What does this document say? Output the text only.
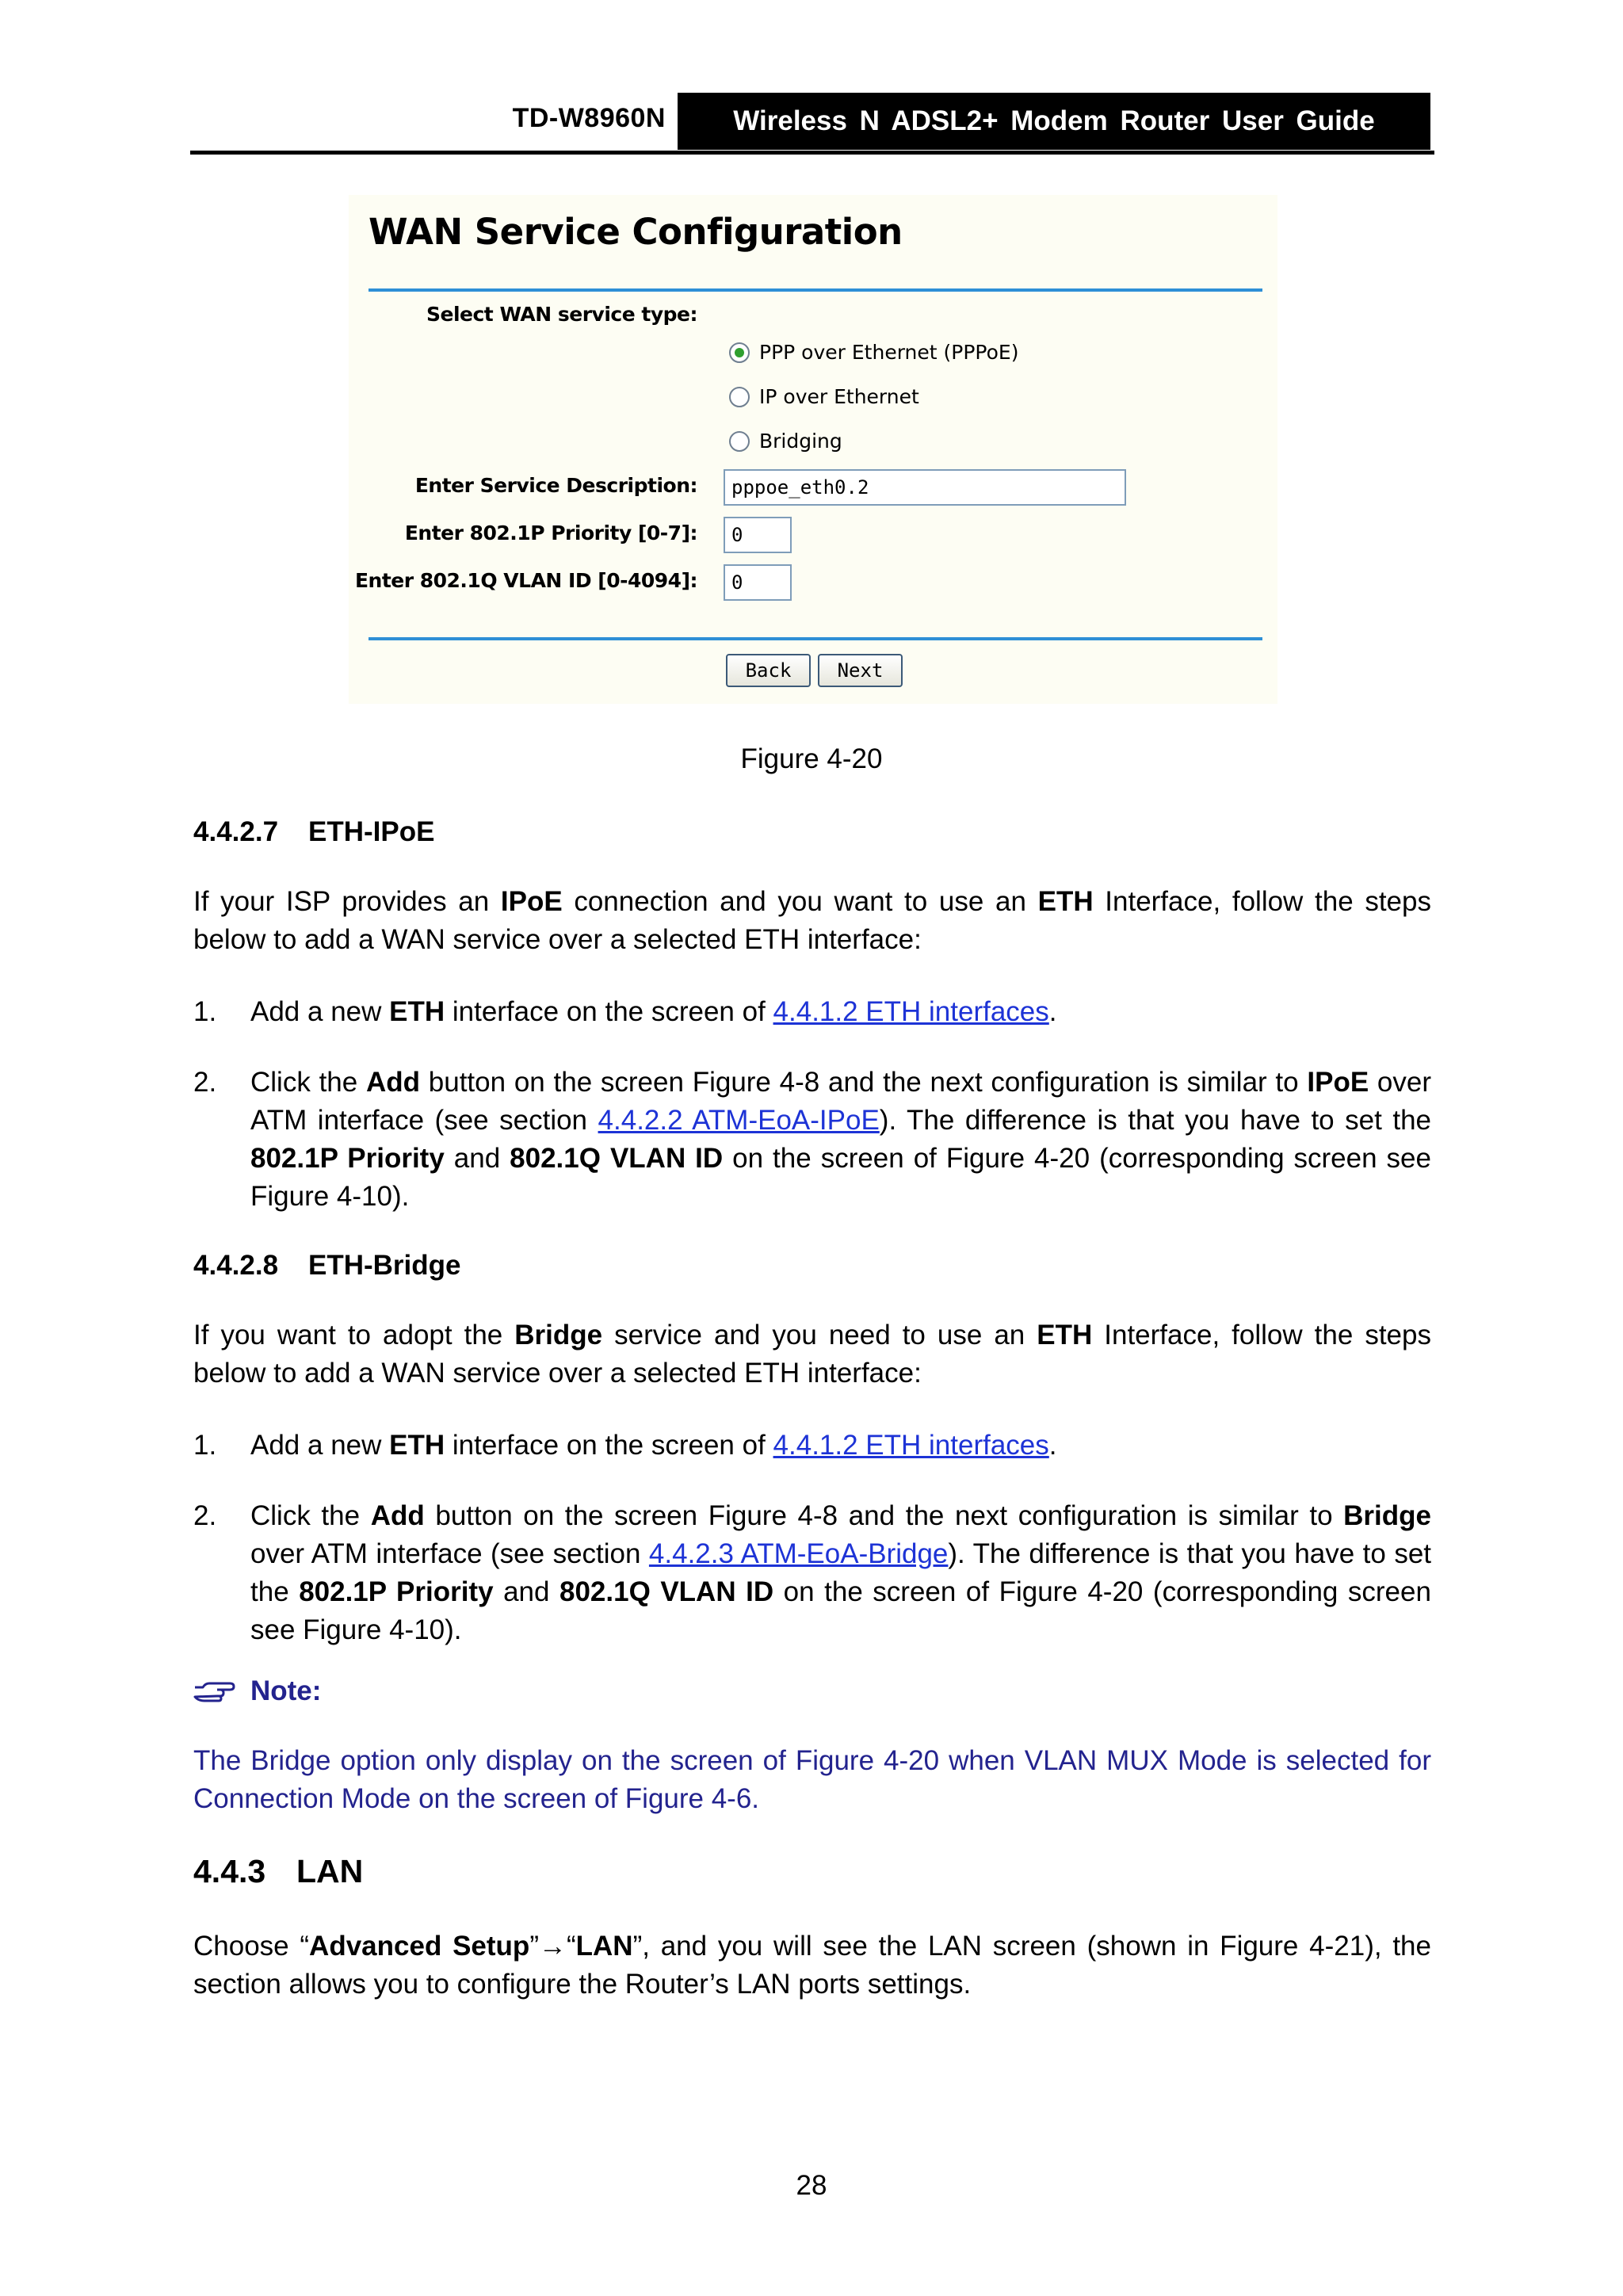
TD-W8960N	Wireless N ADSL2+ Modem Router User Guide
WAN Service Configuration
Select WAN service type:
PPP over Ethernet (PPPoE)
IP over Ethernet
Bridging
Enter Service Description:	pppoe_eth0.2
Enter 802.1P Priority [0-7]:	0
Enter 802.1Q VLAN ID [0-4094]:	0
Back	Next
Figure 4-20
4.4.2.7 ETH-IPoE
If your ISP provides an IPoE connection and you want to use an ETH Interface, follow the steps below to add a WAN service over a selected ETH interface:
1. Add a new ETH interface on the screen of 4.4.1.2 ETH interfaces.
2. Click the Add button on the screen Figure 4-8 and the next configuration is similar to IPoE over ATM interface (see section 4.4.2.2 ATM-EoA-IPoE). The difference is that you have to set the 802.1P Priority and 802.1Q VLAN ID on the screen of Figure 4-20 (corresponding screen see Figure 4-10).
4.4.2.8 ETH-Bridge
If you want to adopt the Bridge service and you need to use an ETH Interface, follow the steps below to add a WAN service over a selected ETH interface:
1. Add a new ETH interface on the screen of 4.4.1.2 ETH interfaces.
2. Click the Add button on the screen Figure 4-8 and the next configuration is similar to Bridge over ATM interface (see section 4.4.2.3 ATM-EoA-Bridge). The difference is that you have to set the 802.1P Priority and 802.1Q VLAN ID on the screen of Figure 4-20 (corresponding screen see Figure 4-10).
Note:
The Bridge option only display on the screen of Figure 4-20 when VLAN MUX Mode is selected for Connection Mode on the screen of Figure 4-6.
4.4.3 LAN
Choose “Advanced Setup”→“LAN”, and you will see the LAN screen (shown in Figure 4-21), the section allows you to configure the Router’s LAN ports settings.
28
